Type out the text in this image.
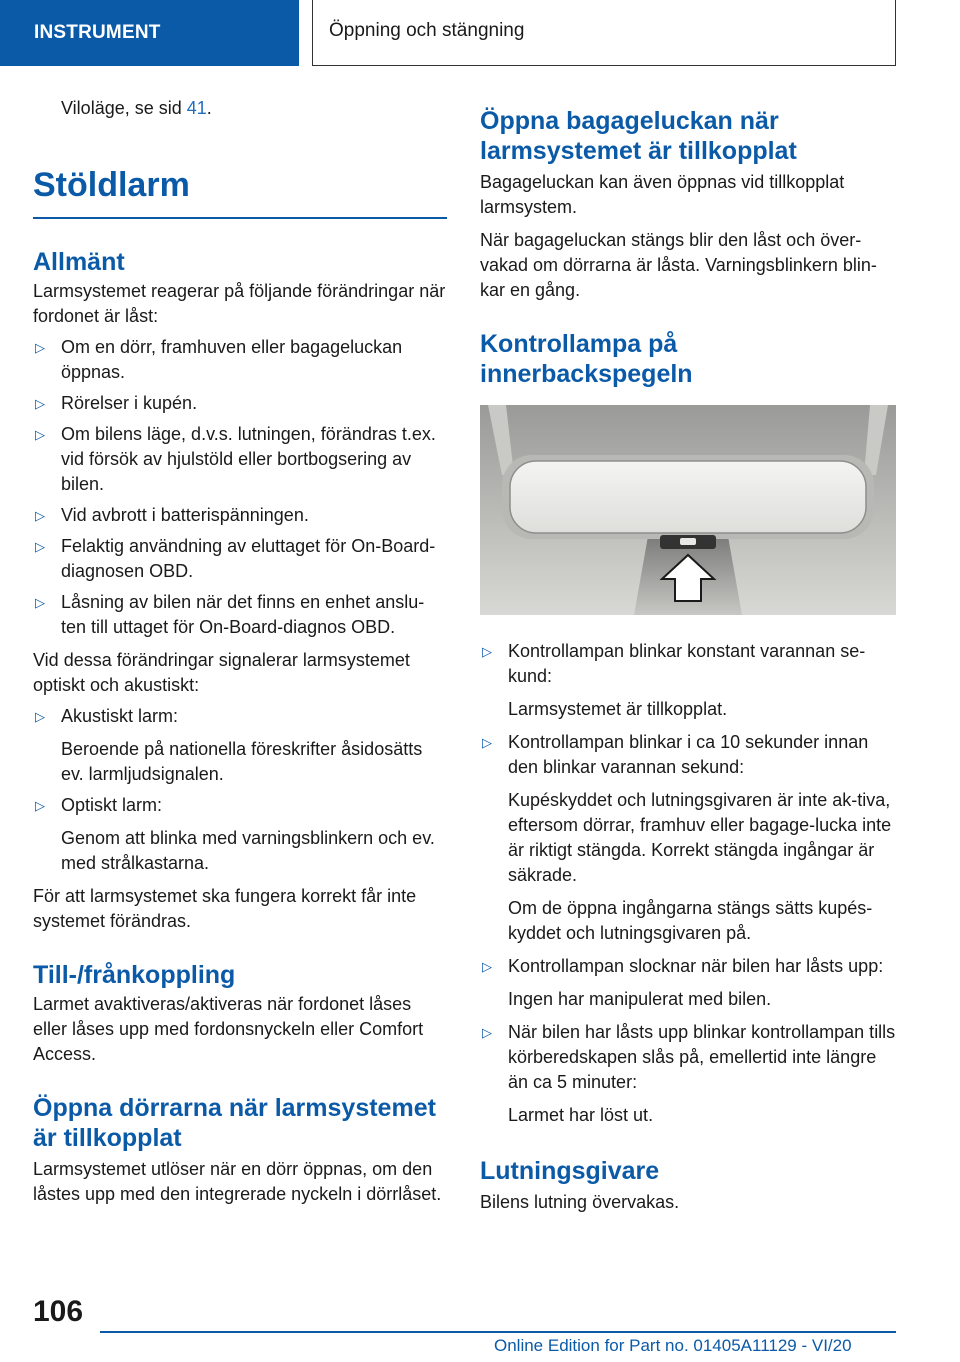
INSTRUMENT	Öppning och stängning

Viloläge, se sid 41.

Stöldlarm
Allmänt

Larmsystemet reagerar på följande förändringar när fordonet är låst:

▷ Om en dörr, framhuven eller bagageluckan öppnas.
▷ Rörelser i kupén.
▷ Om bilens läge, d.v.s. lutningen, förändras t.ex. vid försök av hjulstöld eller bortbogsering av bilen.
▷ Vid avbrott i batterispänningen.
▷ Felaktig användning av eluttaget för On-Board-diagnosen OBD.
▷ Låsning av bilen när det finns en enhet anslu-ten till uttaget för On-Board-diagnos OBD.

Vid dessa förändringar signalerar larmsystemet optiskt och akustiskt:

▷ Akustiskt larm:
Beroende på nationella föreskrifter åsidosätts ev. larmljudsignalen.
▷ Optiskt larm:
Genom att blinka med varningsblinkern och ev. med strålkastarna.

För att larmsystemet ska fungera korrekt får inte systemet förändras.

Till-/frånkoppling

Larmet avaktiveras/aktiveras när fordonet låses eller låses upp med fordonsnyckeln eller Comfort Access.

Öppna dörrarna när larmsystemet är tillkopplat

Larmsystemet utlöser när en dörr öppnas, om den låstes upp med den integrerade nyckeln i dörrlåset.

Öppna bagageluckan när larmsystemet är tillkopplat

Bagageluckan kan även öppnas vid tillkopplat larmsystem.

När bagageluckan stängs blir den låst och över-vakad om dörrarna är låsta. Varningsblinkern blin-kar en gång.

Kontrollampa på innerbackspegeln
▷ Kontrollampan blinkar konstant varannan se-kund:
Larmsystemet är tillkopplat.
▷ Kontrollampan blinkar i ca 10 sekunder innan den blinkar varannan sekund:
Kupéskyddet och lutningsgivaren är inte ak-tiva, eftersom dörrar, framhuv eller bagage-lucka inte är riktigt stängda. Korrekt stängda ingångar är säkrade.
Om de öppna ingångarna stängs sätts kupés-kyddet och lutningsgivaren på.
▷ Kontrollampan slocknar när bilen har låsts upp:
Ingen har manipulerat med bilen.
▷ När bilen har låsts upp blinkar kontrollampan tills körberedskapen slås på, emellertid inte längre än ca 5 minuter:
Larmet har löst ut.
Lutningsgivare

Bilens lutning övervakas.

106
Online Edition for Part no. 01405A11129 - VI/20
